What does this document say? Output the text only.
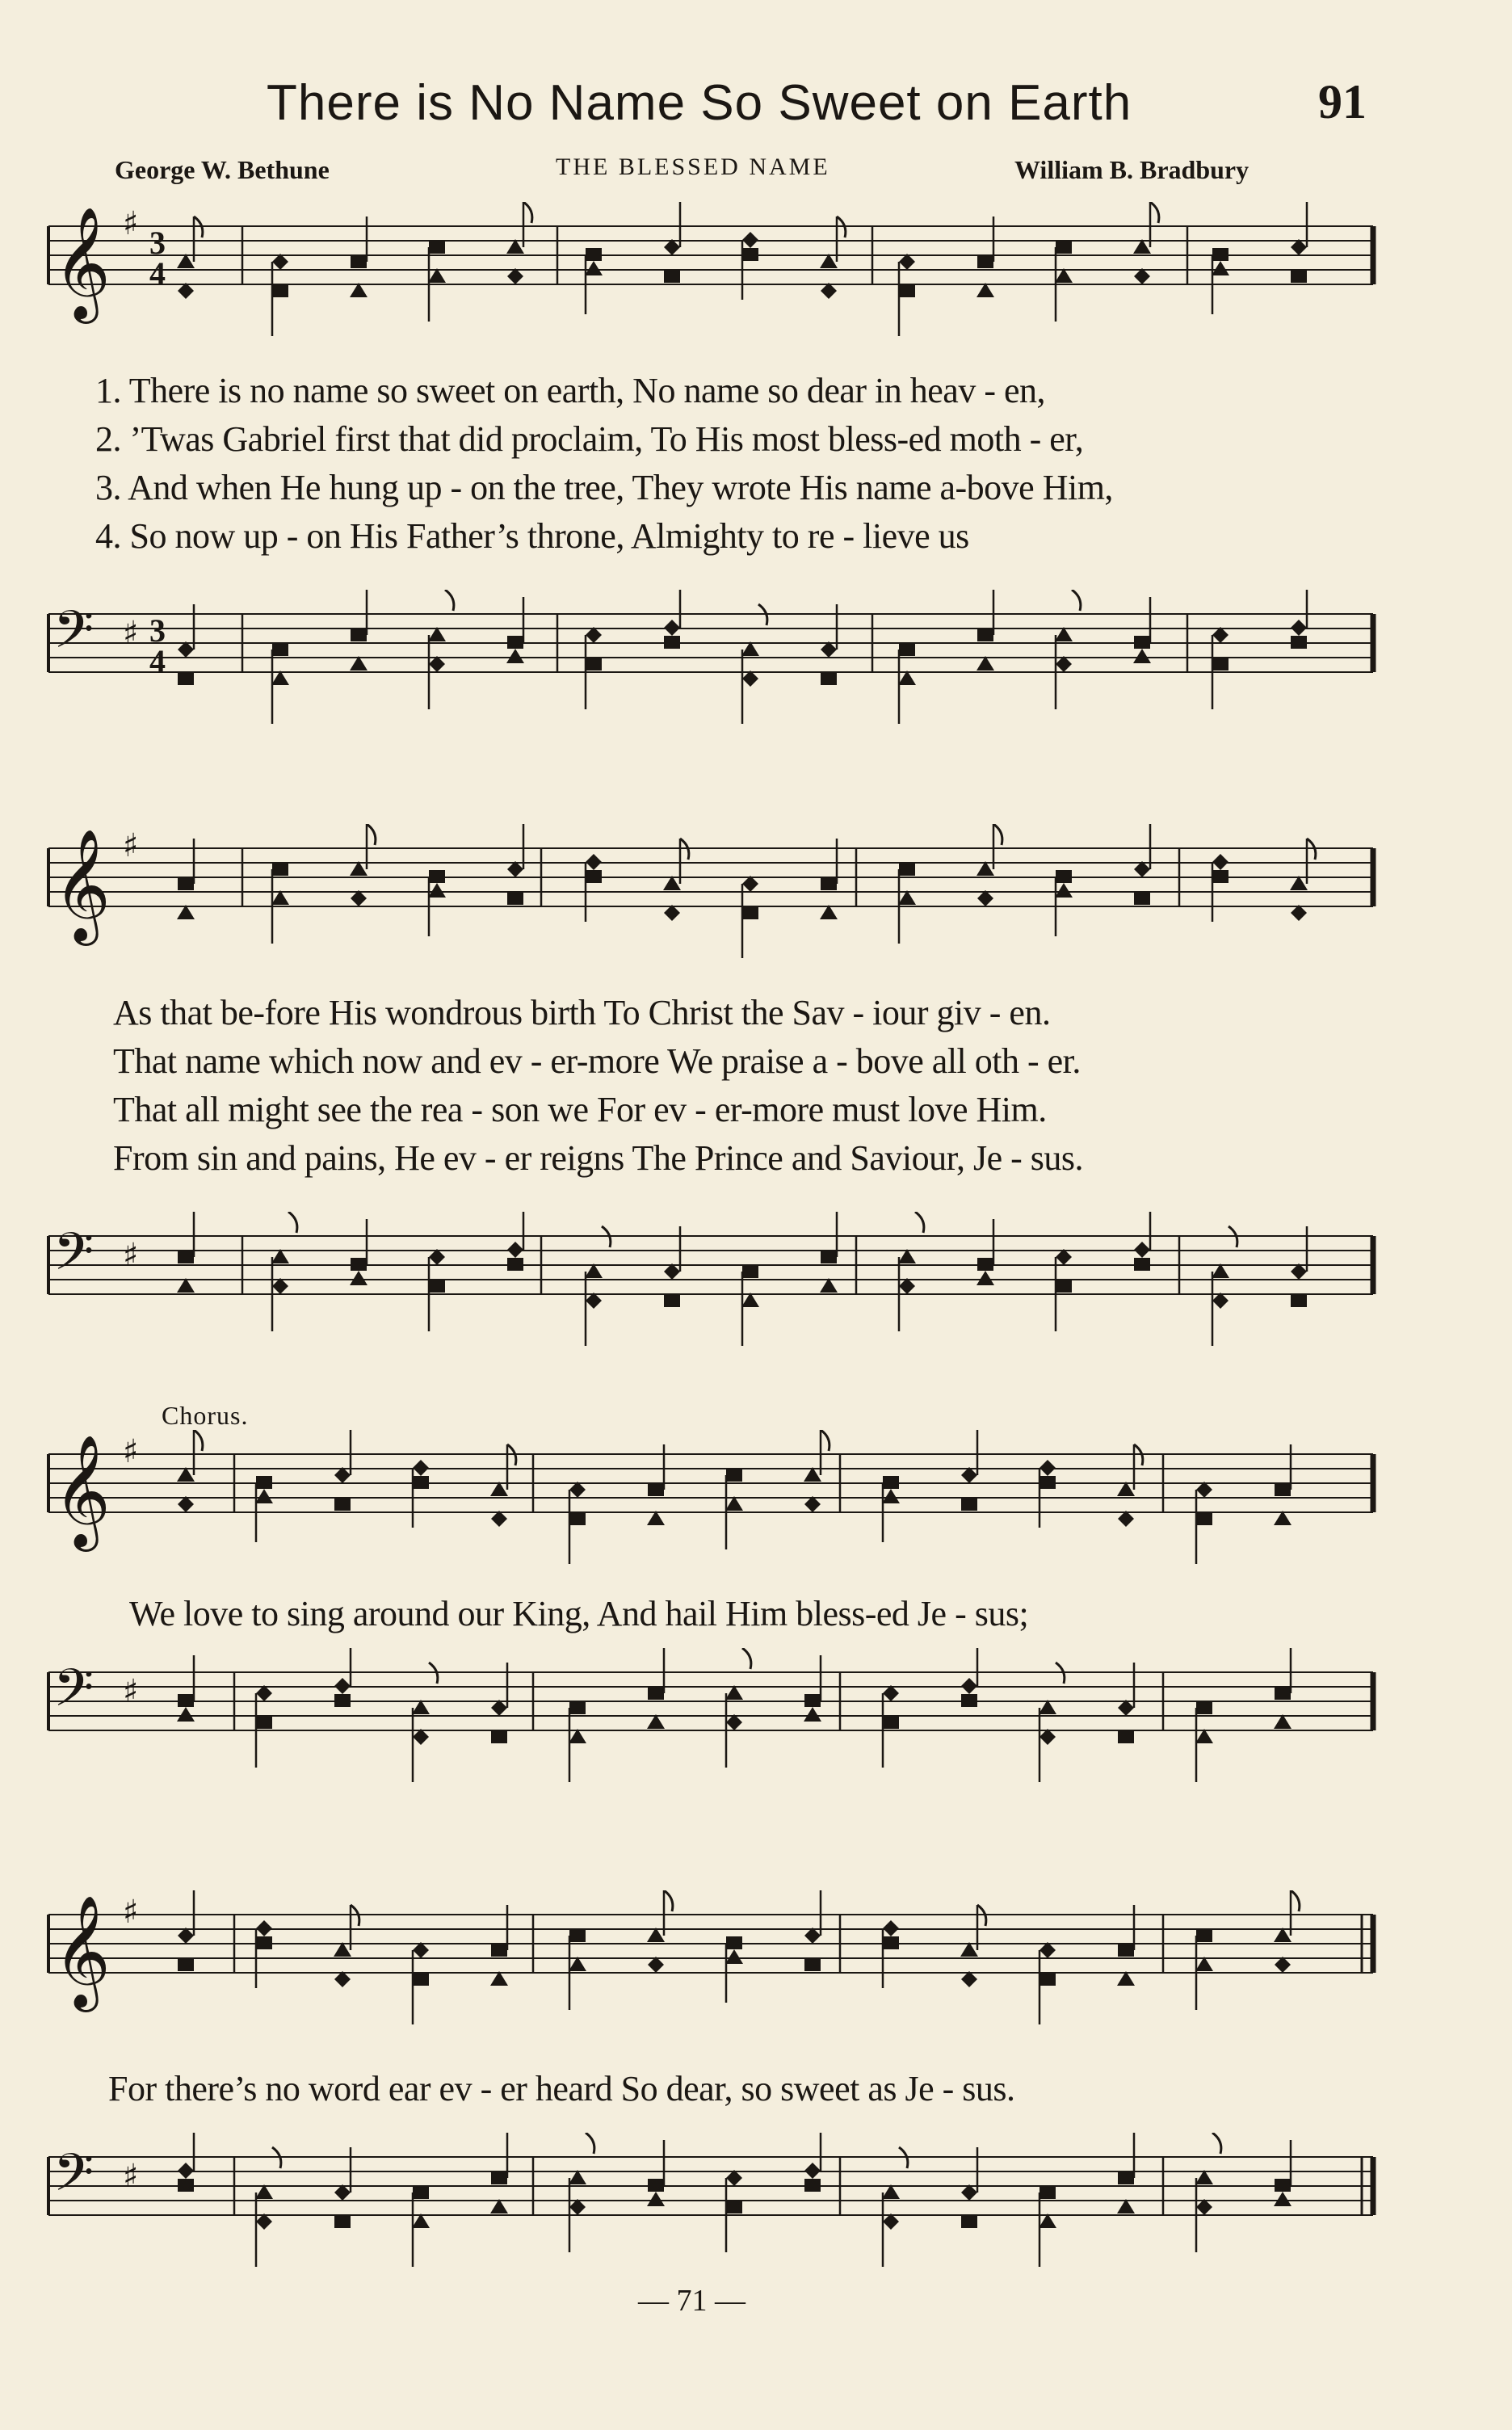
There is No Name So Sweet on Earth	91
George W. Bethune	THE BLESSED NAME	William B. Bradbury
𝄞 ♯
3
4
1. There is no name so sweet on earth, No name so dear in heav - en,
2. ’Twas Gabriel first that did proclaim, To His most bless-ed moth - er,
3. And when He hung up - on the tree, They wrote His name a-bove Him,
4. So now up - on His Father’s throne, Almighty to re - lieve us
𝄢 ♯ 3
4
𝄞 ♯
As that be-fore His wondrous birth To Christ the Sav - iour giv - en.
That name which now and ev - er-more We praise a - bove all oth - er.
That all might see the rea - son we For ev - er-more must love Him.
From sin and pains, He ev - er reigns The Prince and Saviour, Je - sus.
𝄢 ♯
Chorus.
𝄞 ♯
We love to sing around our King, And hail Him bless-ed Je - sus;
𝄢 ♯
𝄞 ♯
For there’s no word ear ev - er heard So dear, so sweet as Je - sus.
𝄢 ♯
— 71 —
